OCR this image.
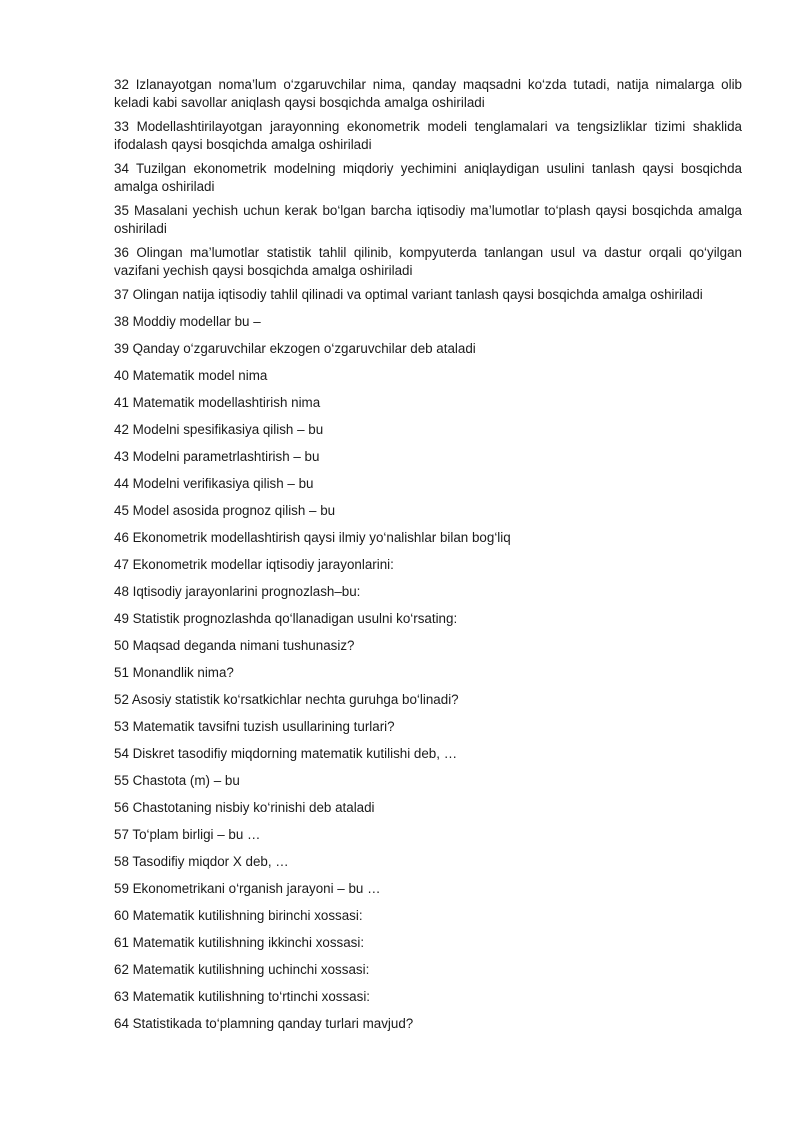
32 Izlanayotgan noma’lum o‘zgaruvchilar nima, qanday maqsadni ko‘zda tutadi, natija nimalarga olib keladi kabi savollar aniqlash qaysi bosqichda amalga oshiriladi

33 Modellashtirilayotgan jarayonning ekonometrik modeli tenglamalari va tengsizliklar tizimi shaklida ifodalash qaysi bosqichda amalga oshiriladi

34 Tuzilgan ekonometrik modelning miqdoriy yechimini aniqlaydigan usulini tanlash qaysi bosqichda amalga oshiriladi

35 Masalani yechish uchun kerak bo‘lgan barcha iqtisodiy ma’lumotlar to‘plash qaysi bosqichda amalga oshiriladi

36 Olingan ma’lumotlar statistik tahlil qilinib, kompyuterda tanlangan usul va dastur orqali qo‘yilgan vazifani yechish qaysi bosqichda amalga oshiriladi

37 Olingan natija iqtisodiy tahlil qilinadi va optimal variant tanlash qaysi bosqichda amalga oshiriladi

38 Moddiy modellar bu –

39 Qanday o‘zgaruvchilar ekzogen o‘zgaruvchilar deb ataladi

40 Matematik model nima

41 Matematik modellashtirish nima

42 Modelni spesifikasiya qilish – bu

43 Modelni parametrlashtirish – bu

44 Modelni verifikasiya qilish – bu

45 Model asosida prognoz qilish – bu

46 Ekonometrik modellashtirish qaysi ilmiy yo‘nalishlar bilan bog‘liq

47 Ekonometrik modellar iqtisodiy jarayonlarini:

48 Iqtisodiy jarayonlarini prognozlash–bu:

49 Statistik prognozlashda qo‘llanadigan usulni ko‘rsating:

50 Maqsad deganda nimani tushunasiz?

51 Monandlik nima?

52 Asosiy statistik ko‘rsatkichlar nechta guruhga bo‘linadi?

53 Matematik tavsifni tuzish usullarining turlari?

54 Diskret tasodifiy miqdorning matematik kutilishi deb, …

55 Chastota (m) – bu

56 Chastotaning nisbiy ko‘rinishi deb ataladi

57 To‘plam birligi – bu …

58 Tasodifiy miqdor X deb, …

59 Ekonometrikani o‘rganish jarayoni – bu …

60 Matematik kutilishning birinchi xossasi:

61 Matematik kutilishning ikkinchi xossasi:

62 Matematik kutilishning uchinchi xossasi:

63 Matematik kutilishning to‘rtinchi xossasi:

64 Statistikada to‘plamning qanday turlari mavjud?
